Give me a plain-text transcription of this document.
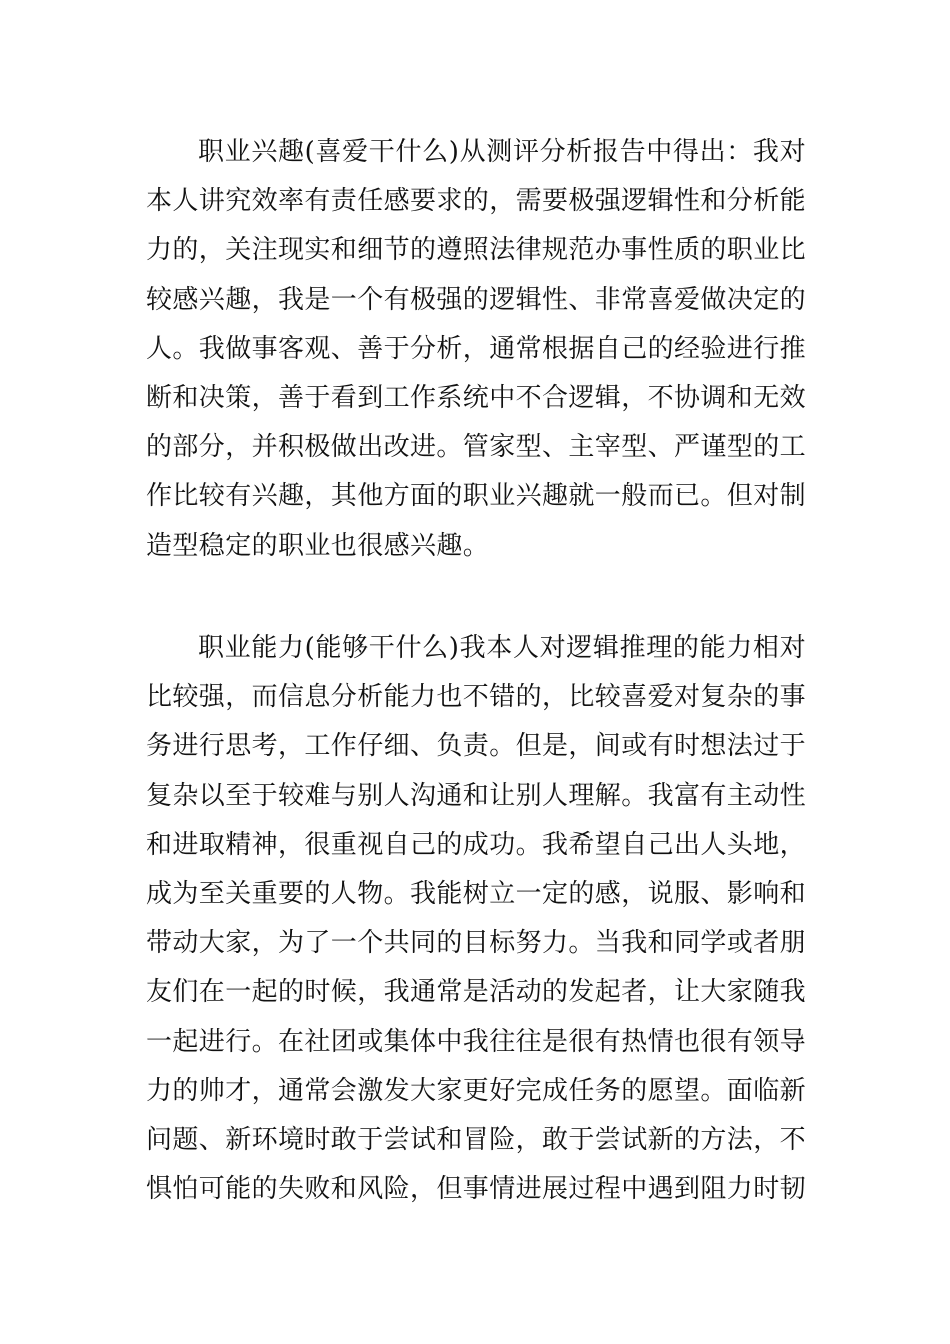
职业兴趣(喜爱干什么)从测评分析报告中得出：我对本人讲究效率有责任感要求的，需要极强逻辑性和分析能力的，关注现实和细节的遵照法律规范办事性质的职业比较感兴趣，我是一个有极强的逻辑性、非常喜爱做决定的人。我做事客观、善于分析，通常根据自己的经验进行推断和决策，善于看到工作系统中不合逻辑，不协调和无效的部分，并积极做出改进。管家型、主宰型、严谨型的工作比较有兴趣，其他方面的职业兴趣就一般而已。但对制造型稳定的职业也很感兴趣。

职业能力(能够干什么)我本人对逻辑推理的能力相对比较强，而信息分析能力也不错的，比较喜爱对复杂的事务进行思考，工作仔细、负责。但是，间或有时想法过于复杂以至于较难与别人沟通和让别人理解。我富有主动性和进取精神，很重视自己的成功。我希望自己出人头地，成为至关重要的人物。我能树立一定的感，说服、影响和带动大家，为了一个共同的目标努力。当我和同学或者朋友们在一起的时候，我通常是活动的发起者，让大家随我一起进行。在社团或集体中我往往是很有热情也很有领导力的帅才，通常会激发大家更好完成任务的愿望。面临新问题、新环境时敢于尝试和冒险，敢于尝试新的方法，不惧怕可能的失败和风险，但事情进展过程中遇到阻力时韧
